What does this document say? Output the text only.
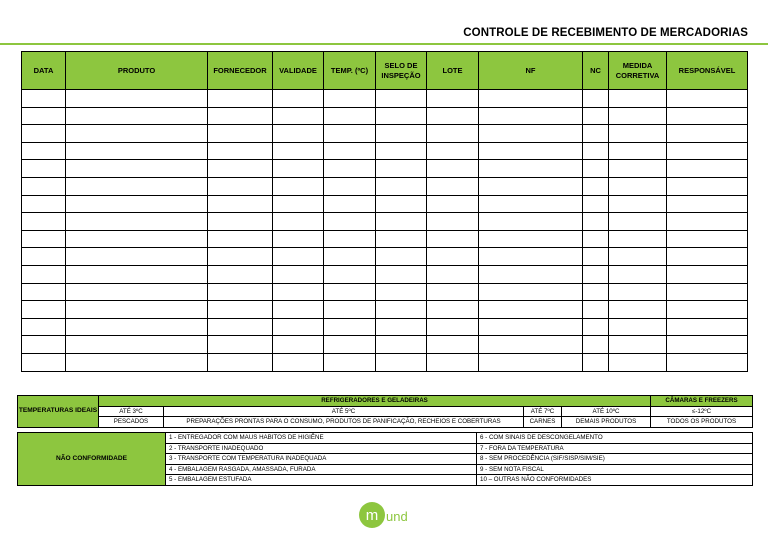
CONTROLE DE RECEBIMENTO DE MERCADORIAS
DATA	PRODUTO	FORNECEDOR	VALIDADE	TEMP. (ºC)	SELO DE INSPEÇÃO	LOTE	NF	NC	MEDIDA CORRETIVA	RESPONSÁVEL

TEMPERATURAS IDEAIS	REFRIGERADORES E GELADEIRAS				CÂMARAS E FREEZERS
	ATÉ 3ºC	ATÉ 5ºC	ATÉ 7ºC	ATÉ 10ºC	≤-12ºC
	PESCADOS	PREPARAÇÕES PRONTAS PARA O CONSUMO, PRODUTOS DE PANIFICAÇÃO, RECHEIOS E COBERTURAS	CARNES	DEMAIS PRODUTOS	TODOS OS PRODUTOS
NÃO CONFORMIDADE	1 - ENTREGADOR COM MAUS HABITOS DE HIGIÊNE	6 - COM SINAIS DE DESCONGELAMENTO
	2 - TRANSPORTE INADEQUADO	7 - FORA DA TEMPERATURA
	3 - TRANSPORTE COM TEMPERATURA INADEQUADA	8 - SEM PROCEDÊNCIA (SIF/SISP/SIM/SIE)
	4 - EMBALAGEM RASGADA, AMASSADA, FURADA	9 - SEM NOTA FISCAL
	5 - EMBALAGEM ESTUFADA	10 – OUTRAS NÃO CONFORMIDADES
m und
